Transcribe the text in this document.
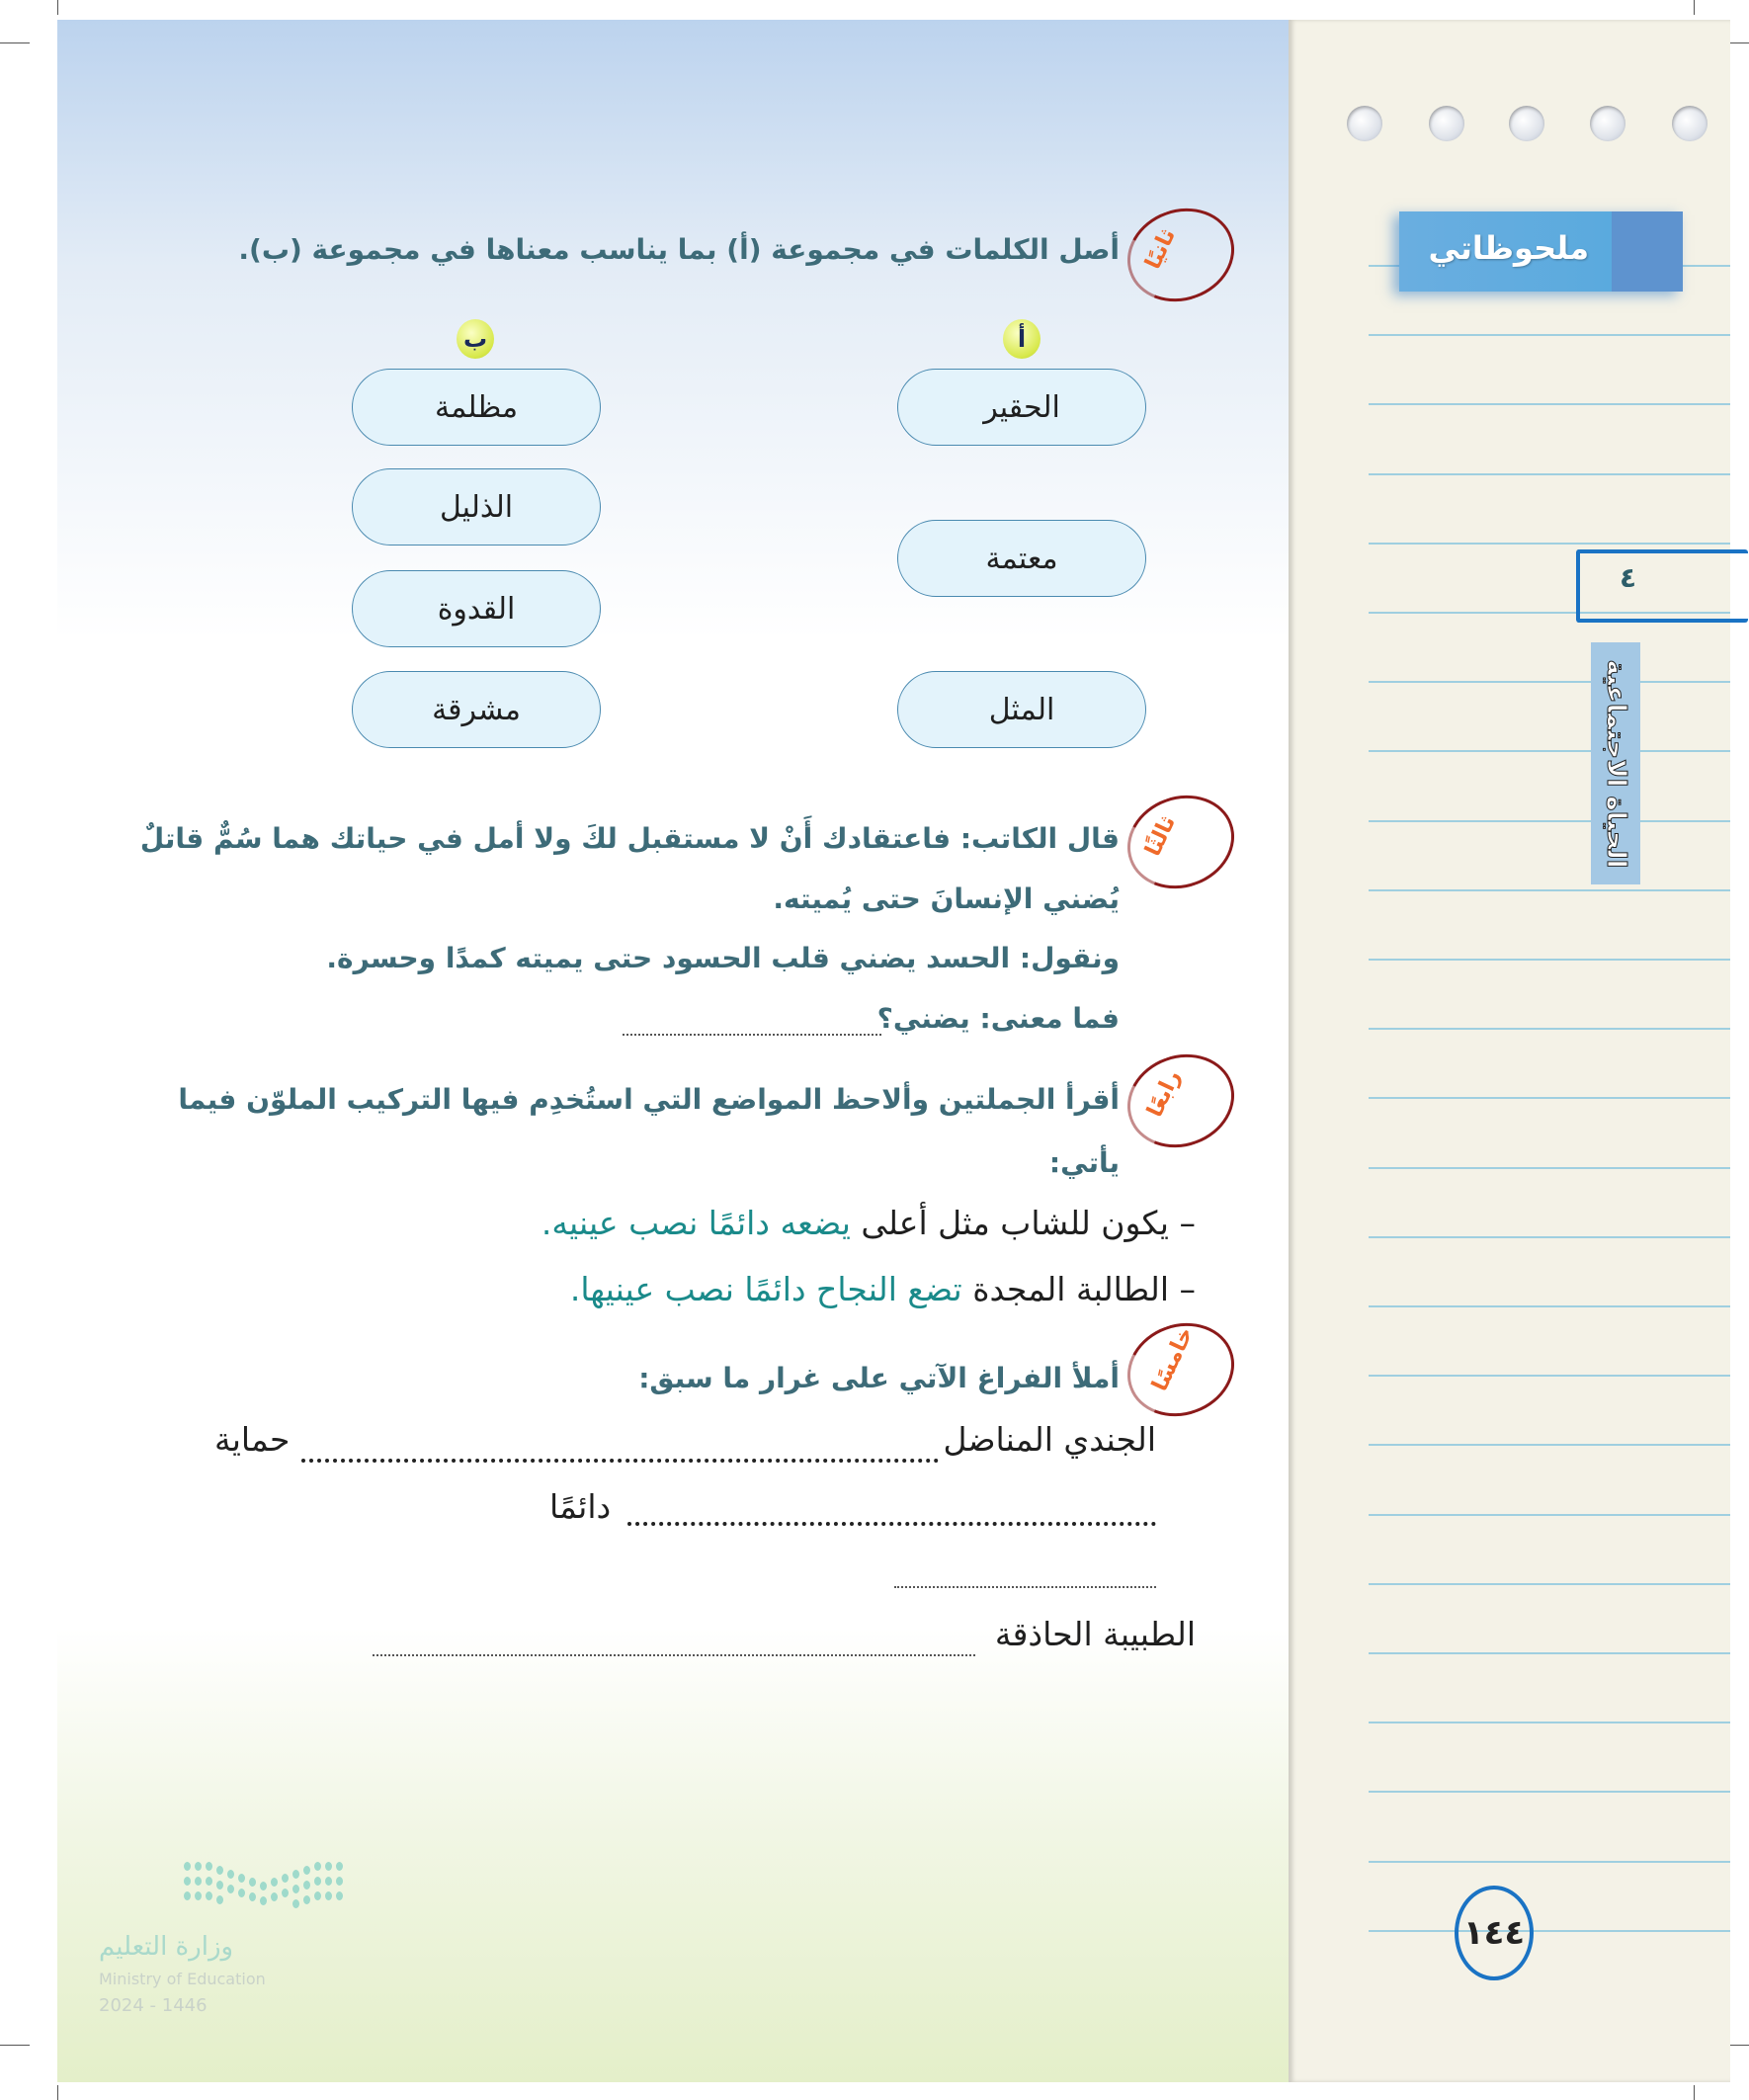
ملحوظاتي
٤
الحياة الاجتماعية
١٤٤
ثانيًا
أصل الكلمات في مجموعة (أ) بما يناسب معناها في مجموعة (ب).
أ
ب
الحقير
معتمة
المثل
مظلمة
الذليل
القدوة
مشرقة
ثالثًا
قال الكاتب: فاعتقادك أَنْ لا مستقبل لكَ ولا أمل في حياتك هما سُمٌّ قاتلٌ
يُضني الإنسانَ حتى يُميته.
ونقول: الحسد يضني قلب الحسود حتى يميته كمدًا وحسرة.
فما معنى: يضني؟
رابعًا
أقرأ الجملتين وألاحظ المواضع التي استُخدِم فيها التركيب الملوّن فيما
يأتي:
– يكون للشاب مثل أعلى يضعه دائمًا نصب عينيه.
– الطالبة المجدة تضع النجاح دائمًا نصب عينيها.
خامسًا
أملأ الفراغ الآتي على غرار ما سبق:
الجندي المناضل
حماية
دائمًا
الطبيبة الحاذقة
وزارة التعليم
Ministry of Education
2024 - 1446
